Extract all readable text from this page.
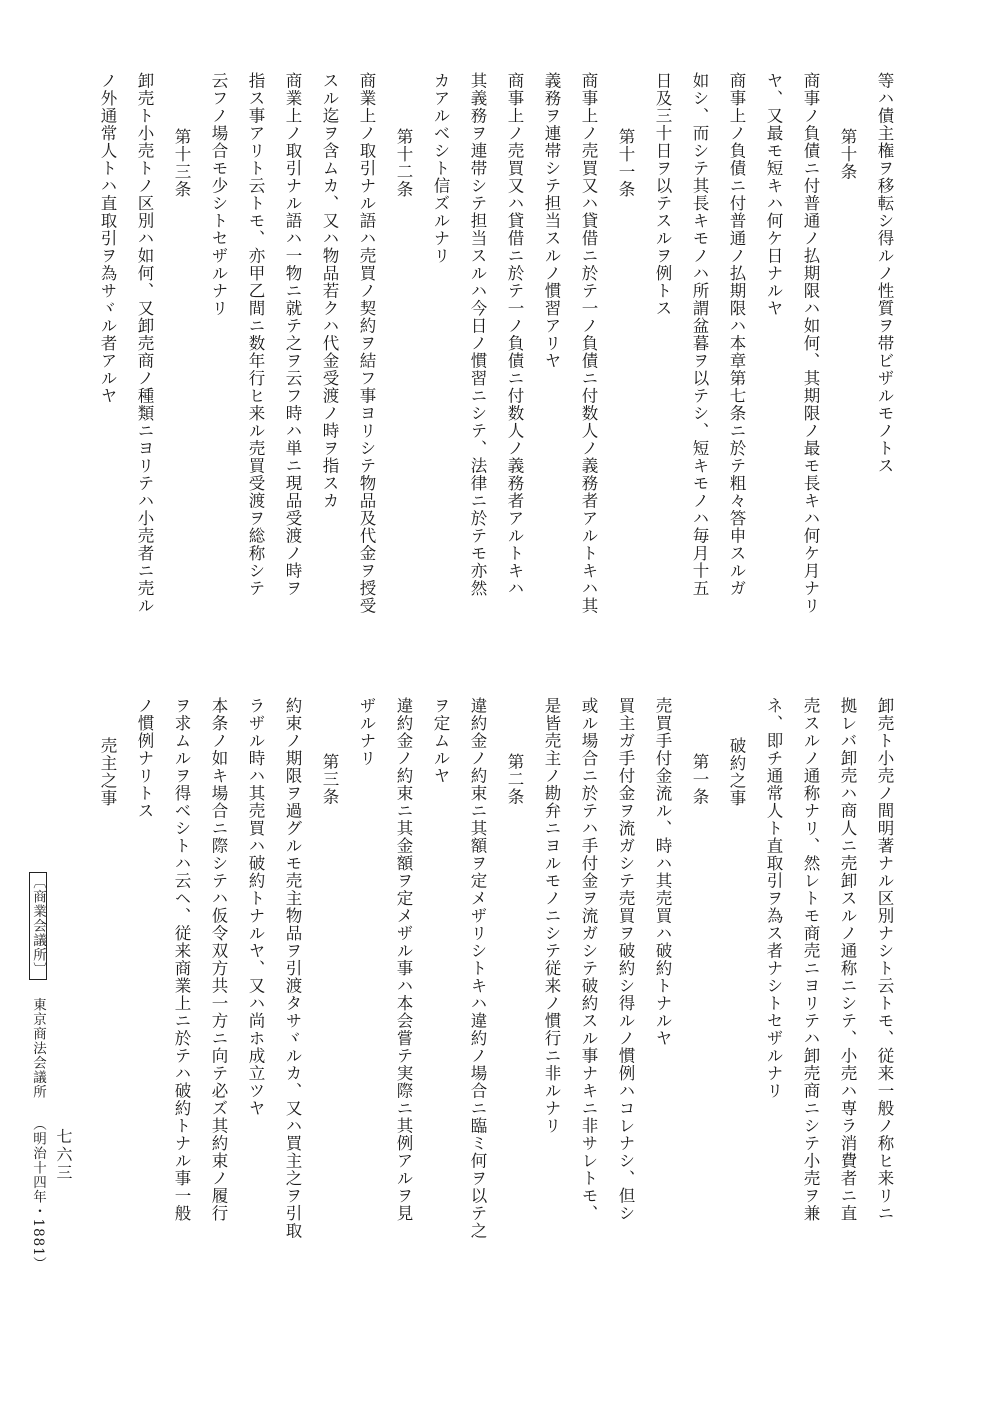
等ハ債主権ヲ移転シ得ルノ性質ヲ帯ビザルモノトス

第十条

商事ノ負債ニ付普通ノ払期限ハ如何、其期限ノ最モ長キハ何ケ月ナリ

ヤ、又最モ短キハ何ケ日ナルヤ

商事上ノ負債ニ付普通ノ払期限ハ本章第七条ニ於テ粗々答申スルガ

如シ、而シテ其長キモノハ所謂盆暮ヲ以テシ、短キモノハ毎月十五

日及三十日ヲ以テスルヲ例トス

第十一条

商事上ノ売買又ハ貸借ニ於テ一ノ負債ニ付数人ノ義務者アルトキハ其

義務ヲ連帯シテ担当スルノ慣習アリヤ

商事上ノ売買又ハ貸借ニ於テ一ノ負債ニ付数人ノ義務者アルトキハ

其義務ヲ連帯シテ担当スルハ今日ノ慣習ニシテ、法律ニ於テモ亦然

カアルベシト信ズルナリ

第十二条

商業上ノ取引ナル語ハ売買ノ契約ヲ結フ事ヨリシテ物品及代金ヲ授受

スル迄ヲ含ムカ、又ハ物品若クハ代金受渡ノ時ヲ指スカ

商業上ノ取引ナル語ハ一物ニ就テ之ヲ云フ時ハ単ニ現品受渡ノ時ヲ

指ス事アリト云トモ、亦甲乙間ニ数年行ヒ来ル売買受渡ヲ総称シテ

云フノ場合モ少シトセザルナリ

第十三条

卸売ト小売トノ区別ハ如何、又卸売商ノ種類ニヨリテハ小売者ニ売ル

ノ外通常人トハ直取引ヲ為サヾル者アルヤ

卸売ト小売ノ間明著ナル区別ナシト云トモ、従来一般ノ称ヒ来リニ

拠レバ卸売ハ商人ニ売卸スルノ通称ニシテ、小売ハ専ラ消費者ニ直

売スルノ通称ナリ、然レトモ商売ニヨリテハ卸売商ニシテ小売ヲ兼

ネ、即チ通常人ト直取引ヲ為ス者ナシトセザルナリ

破約之事

第一条

売買手付金流ル、時ハ其売買ハ破約トナルヤ

買主ガ手付金ヲ流ガシテ売買ヲ破約シ得ルノ慣例ハコレナシ、但シ

或ル場合ニ於テハ手付金ヲ流ガシテ破約スル事ナキニ非サレトモ、

是皆売主ノ勘弁ニヨルモノニシテ従来ノ慣行ニ非ルナリ

第二条

違約金ノ約束ニ其額ヲ定メザリシトキハ違約ノ場合ニ臨ミ何ヲ以テ之

ヲ定ムルヤ

違約金ノ約束ニ其金額ヲ定メザル事ハ本会嘗テ実際ニ其例アルヲ見

ザルナリ

第三条

約束ノ期限ヲ過グルモ売主物品ヲ引渡タサヾルカ、又ハ買主之ヲ引取

ラザル時ハ其売買ハ破約トナルヤ、又ハ尚ホ成立ツヤ

本条ノ如キ場合ニ際シテハ仮令双方共一方ニ向テ必ズ其約束ノ履行

ヲ求ムルヲ得ベシトハ云ヘ、従来商業上ニ於テハ破約トナル事一般

ノ慣例ナリトス

売主之事

七六三
〔商業会議所〕東京商法会議所（明治十四年・1881）
